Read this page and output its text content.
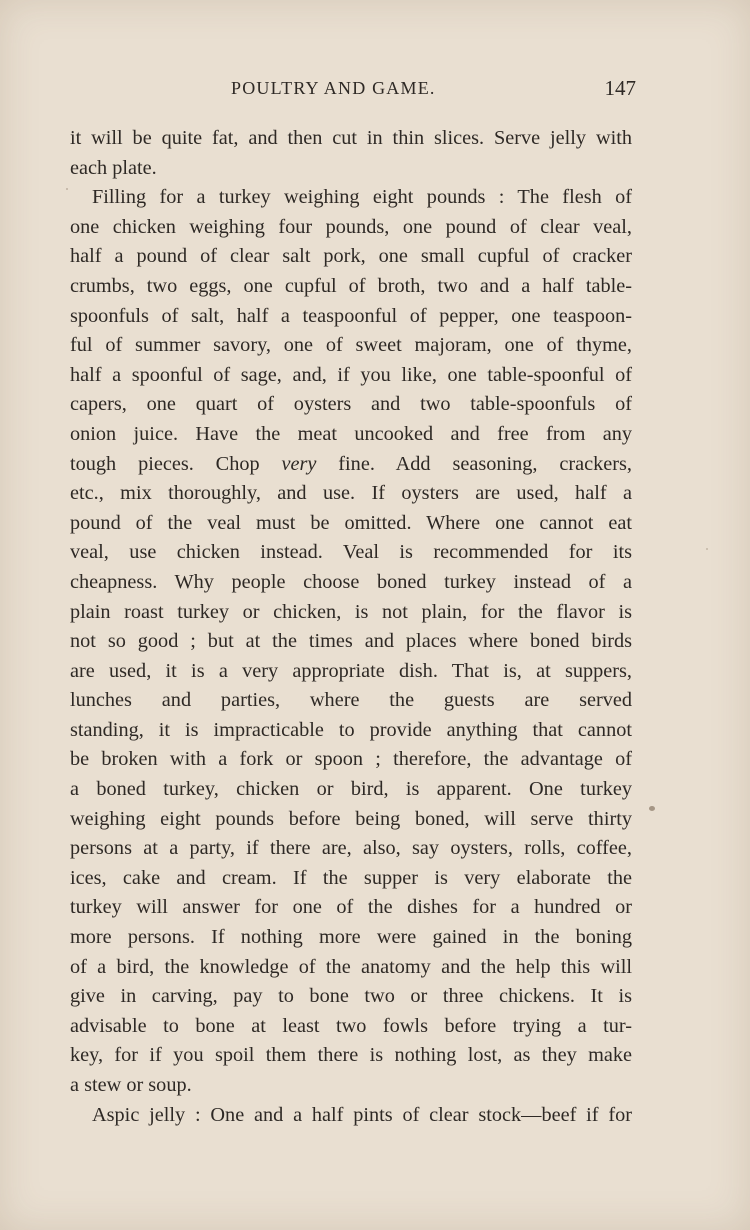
POULTRY AND GAME.	147
it will be quite fat, and then cut in thin slices. Serve jelly with
each plate.
Filling for a turkey weighing eight pounds : The flesh of
one chicken weighing four pounds, one pound of clear veal,
half a pound of clear salt pork, one small cupful of cracker
crumbs, two eggs, one cupful of broth, two and a half table-
spoonfuls of salt, half a teaspoonful of pepper, one teaspoon-
ful of summer savory, one of sweet majoram, one of thyme,
half a spoonful of sage, and, if you like, one table-spoonful of
capers, one quart of oysters and two table-spoonfuls of
onion juice. Have the meat uncooked and free from any
tough pieces. Chop very fine. Add seasoning, crackers,
etc., mix thoroughly, and use. If oysters are used, half a
pound of the veal must be omitted. Where one cannot eat
veal, use chicken instead. Veal is recommended for its
cheapness. Why people choose boned turkey instead of a
plain roast turkey or chicken, is not plain, for the flavor is
not so good ; but at the times and places where boned birds
are used, it is a very appropriate dish. That is, at suppers,
lunches and parties, where the guests are served
standing, it is impracticable to provide anything that cannot
be broken with a fork or spoon ; therefore, the advantage of
a boned turkey, chicken or bird, is apparent. One turkey
weighing eight pounds before being boned, will serve thirty
persons at a party, if there are, also, say oysters, rolls, coffee,
ices, cake and cream. If the supper is very elaborate the
turkey will answer for one of the dishes for a hundred or
more persons. If nothing more were gained in the boning
of a bird, the knowledge of the anatomy and the help this will
give in carving, pay to bone two or three chickens. It is
advisable to bone at least two fowls before trying a tur-
key, for if you spoil them there is nothing lost, as they make
a stew or soup.
Aspic jelly : One and a half pints of clear stock—beef if for
